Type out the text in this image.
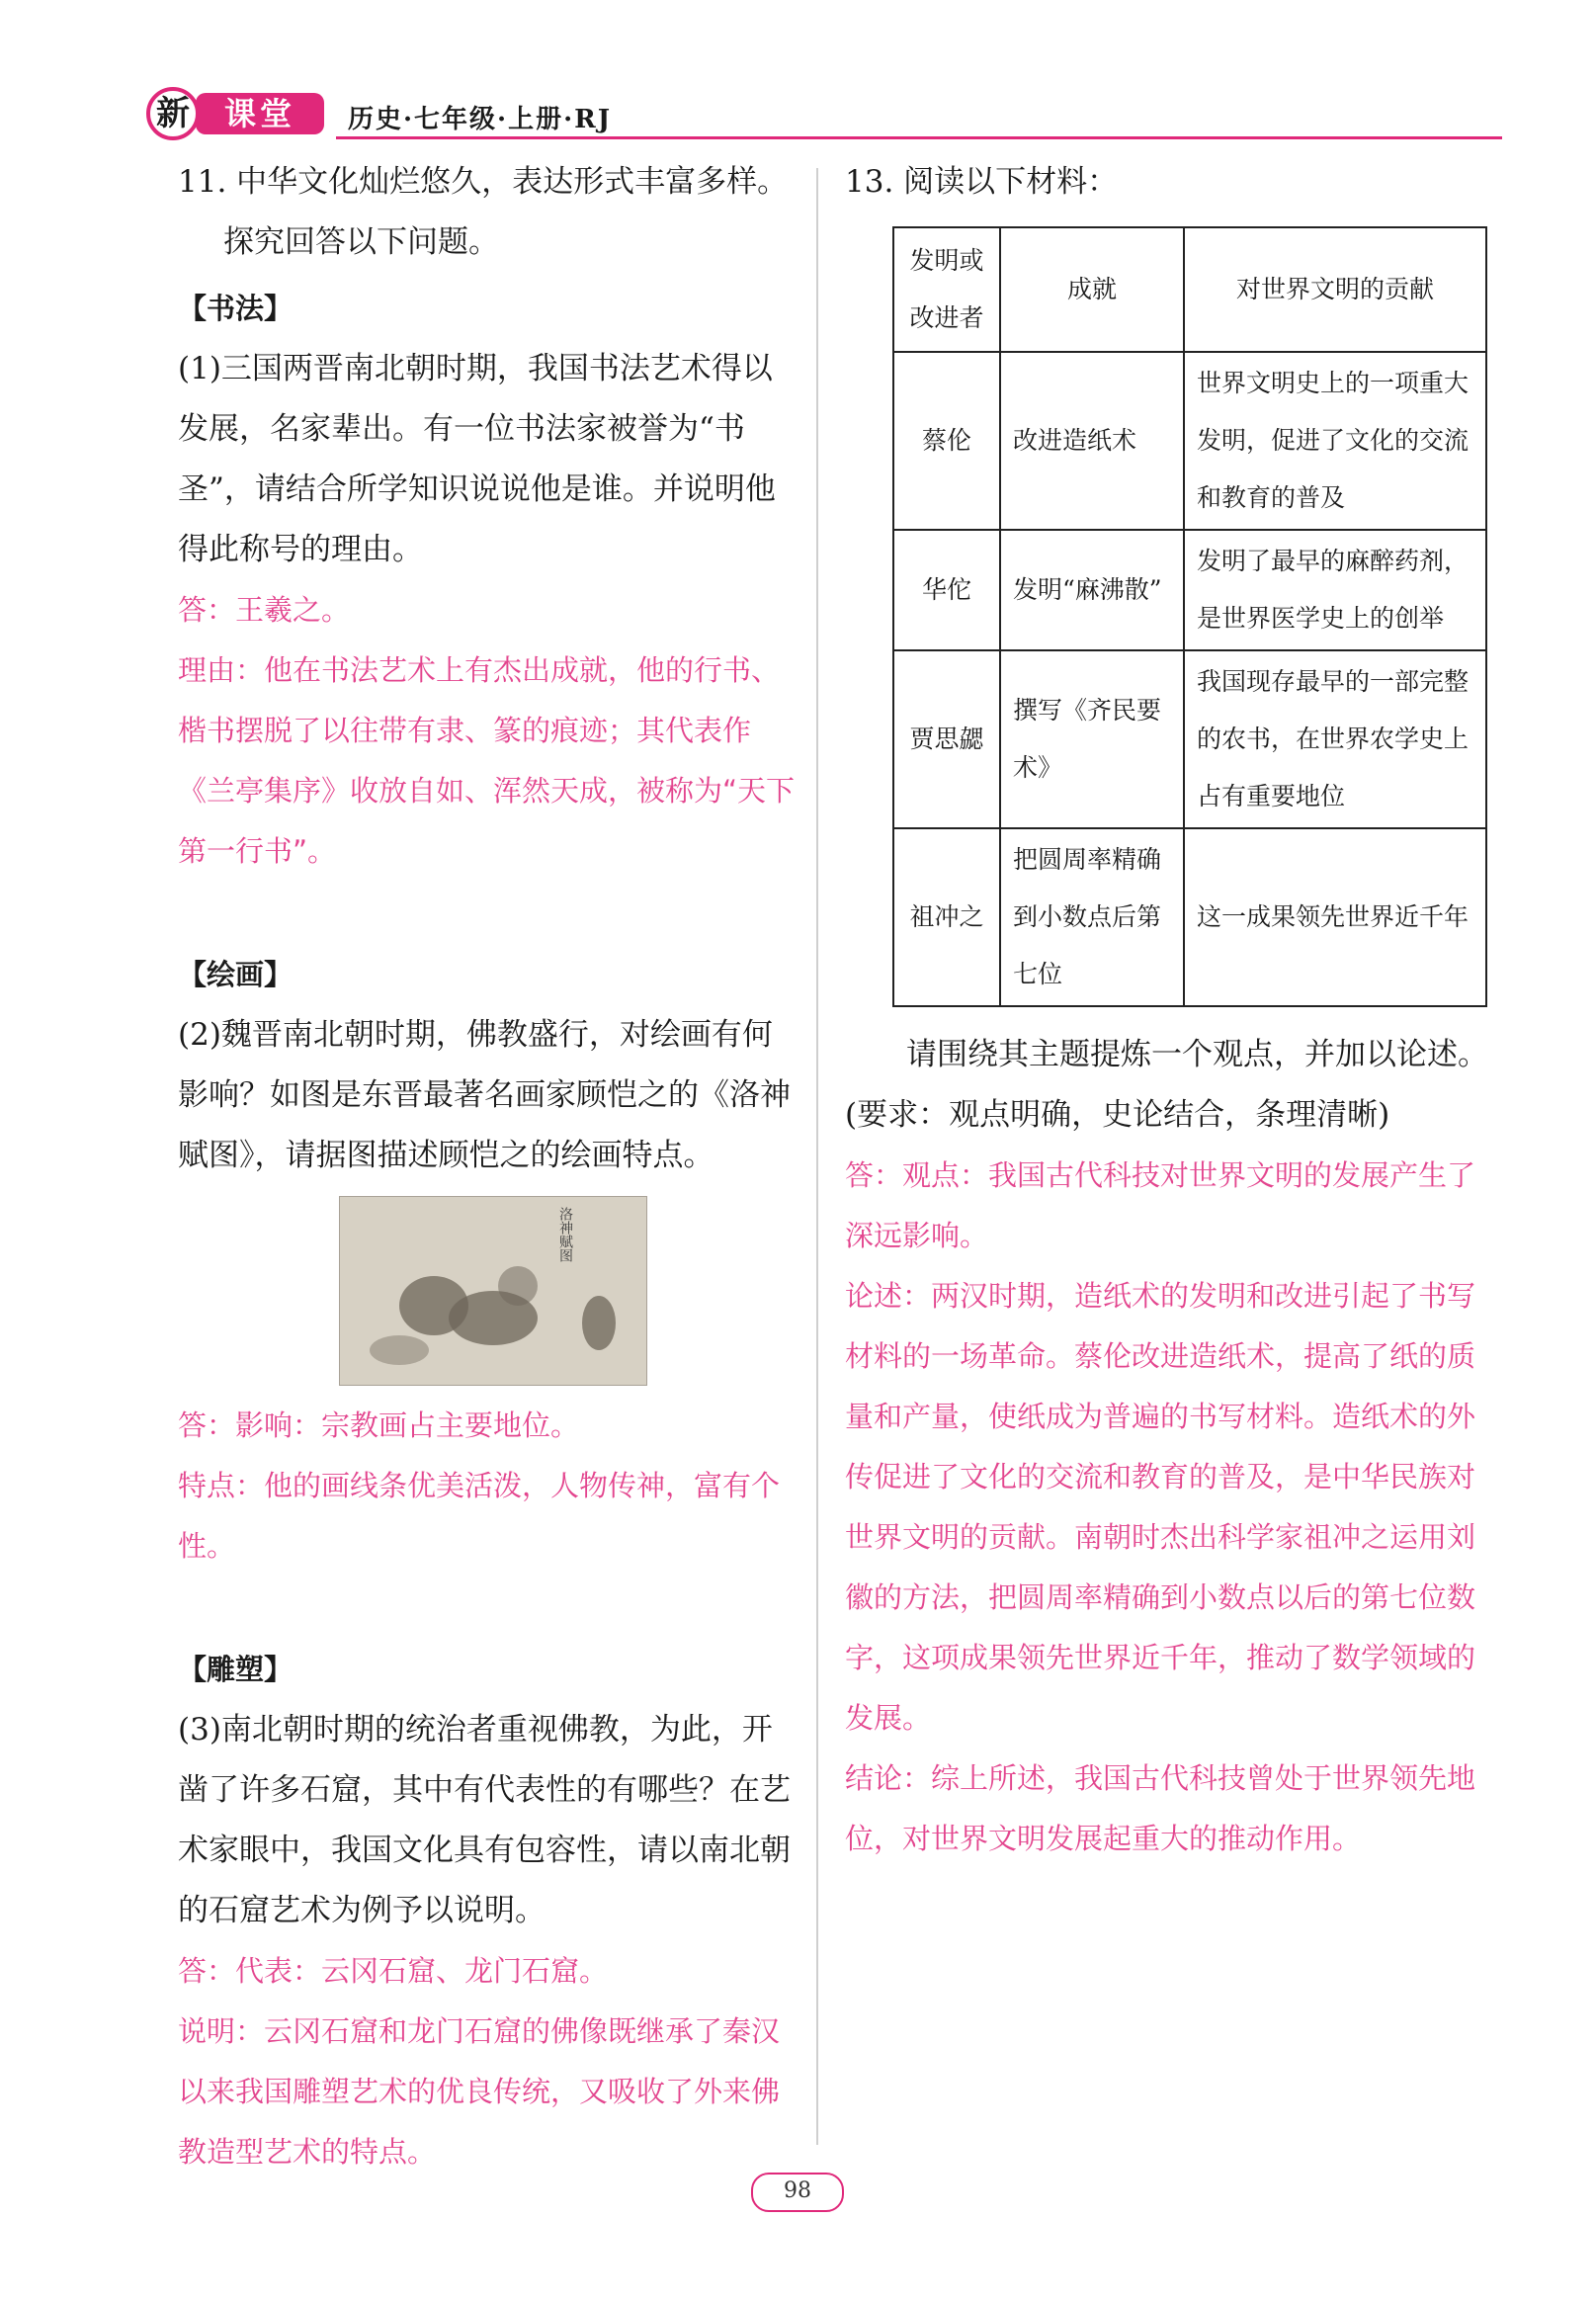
课堂
新	历史·七年级·上册·RJ
11. 中华文化灿烂悠久，表达形式丰富多样。探究回答以下问题。
【书法】
(1)三国两晋南北朝时期，我国书法艺术得以发展，名家辈出。有一位书法家被誉为“书圣”，请结合所学知识说说他是谁。并说明他得此称号的理由。
答：王羲之。
理由：他在书法艺术上有杰出成就，他的行书、楷书摆脱了以往带有隶、篆的痕迹；其代表作《兰亭集序》收放自如、浑然天成，被称为“天下第一行书”。
【绘画】
(2)魏晋南北朝时期，佛教盛行，对绘画有何影响？如图是东晋最著名画家顾恺之的《洛神赋图》，请据图描述顾恺之的绘画特点。
洛神赋图
答：影响：宗教画占主要地位。
特点：他的画线条优美活泼，人物传神，富有个性。
【雕塑】
(3)南北朝时期的统治者重视佛教，为此，开凿了许多石窟，其中有代表性的有哪些？在艺术家眼中，我国文化具有包容性，请以南北朝的石窟艺术为例予以说明。
答：代表：云冈石窟、龙门石窟。
说明：云冈石窟和龙门石窟的佛像既继承了秦汉以来我国雕塑艺术的优良传统，又吸收了外来佛教造型艺术的特点。
13. 阅读以下材料：
发明或改进者	成就	对世界文明的贡献
蔡伦	改进造纸术	世界文明史上的一项重大发明，促进了文化的交流和教育的普及
华佗	发明“麻沸散”	发明了最早的麻醉药剂，是世界医学史上的创举
贾思勰	撰写《齐民要术》	我国现存最早的一部完整的农书，在世界农学史上占有重要地位
祖冲之	把圆周率精确到小数点后第七位	这一成果领先世界近千年
请围绕其主题提炼一个观点，并加以论述。(要求：观点明确，史论结合，条理清晰)
答：观点：我国古代科技对世界文明的发展产生了深远影响。
论述：两汉时期，造纸术的发明和改进引起了书写材料的一场革命。蔡伦改进造纸术，提高了纸的质量和产量，使纸成为普遍的书写材料。造纸术的外传促进了文化的交流和教育的普及，是中华民族对世界文明的贡献。南朝时杰出科学家祖冲之运用刘徽的方法，把圆周率精确到小数点以后的第七位数字，这项成果领先世界近千年，推动了数学领域的发展。
结论：综上所述，我国古代科技曾处于世界领先地位，对世界文明发展起重大的推动作用。
98
